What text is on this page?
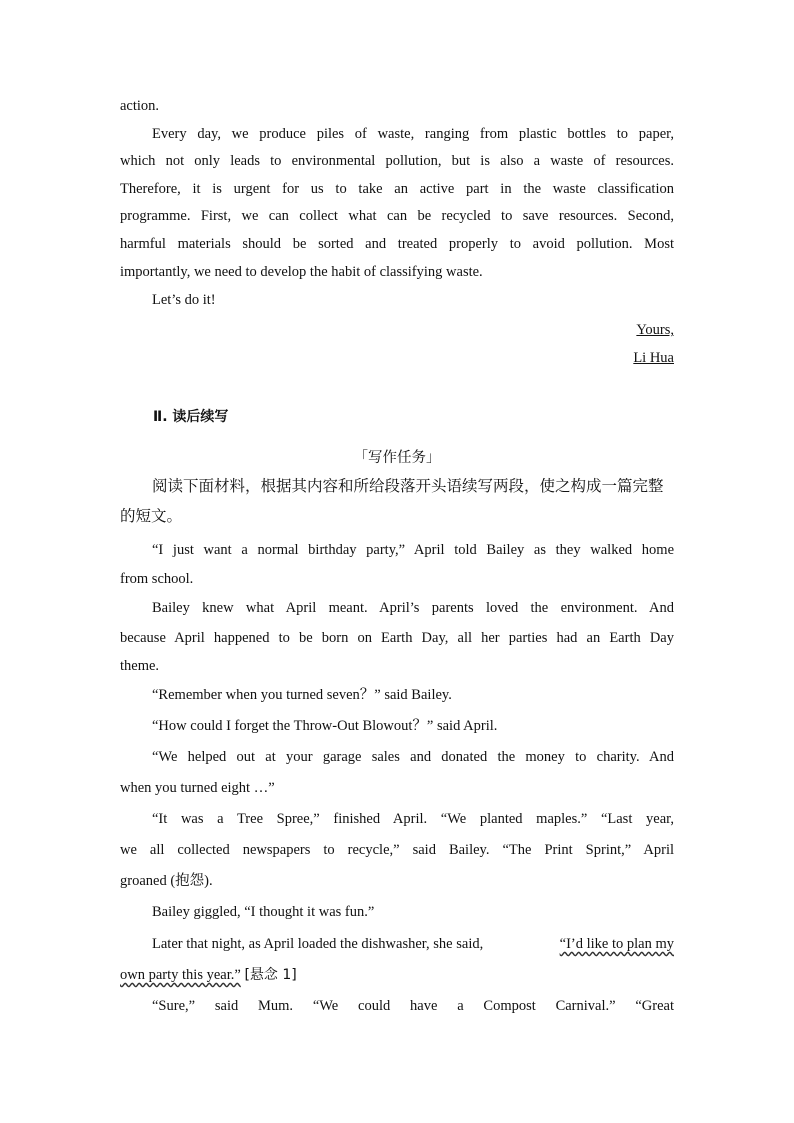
action.
Every day, we produce piles of waste, ranging from plastic bottles to paper,
which not only leads to environmental pollution, but is also a waste of resources.
Therefore, it is urgent for us to take an active part in the waste classification
programme. First, we can collect what can be recycled to save resources. Second,
harmful materials should be sorted and treated properly to avoid pollution. Most
importantly, we need to develop the habit of classifying waste.
Let’s do it!
Yours,
Li Hua
Ⅱ. 读后续写
「写作任务」
阅读下面材料，根据其内容和所给段落开头语续写两段，使之构成一篇完整
的短文。
“I just want a normal birthday party,” April told Bailey as they walked home
from school.
Bailey knew what April meant. April’s parents loved the environment. And
because April happened to be born on Earth Day, all her parties had an Earth Day
theme.
“Remember when you turned seven？” said Bailey.
“How could I forget the Throw-Out Blowout？” said April.
“We helped out at your garage sales and donated the money to charity. And
when you turned eight …”
“It was a Tree Spree,” finished April. “We planted maples.” “Last year,
we all collected newspapers to recycle,” said Bailey. “The Print Sprint,” April
groaned (抱怨).
Bailey giggled, “I thought it was fun.”
Later that night, as April loaded the dishwasher, she said,	“I’d like to plan my
own party this year.” [悬念 1]
“Sure,” said Mum. “We could have a Compost Carnival.” “Great
